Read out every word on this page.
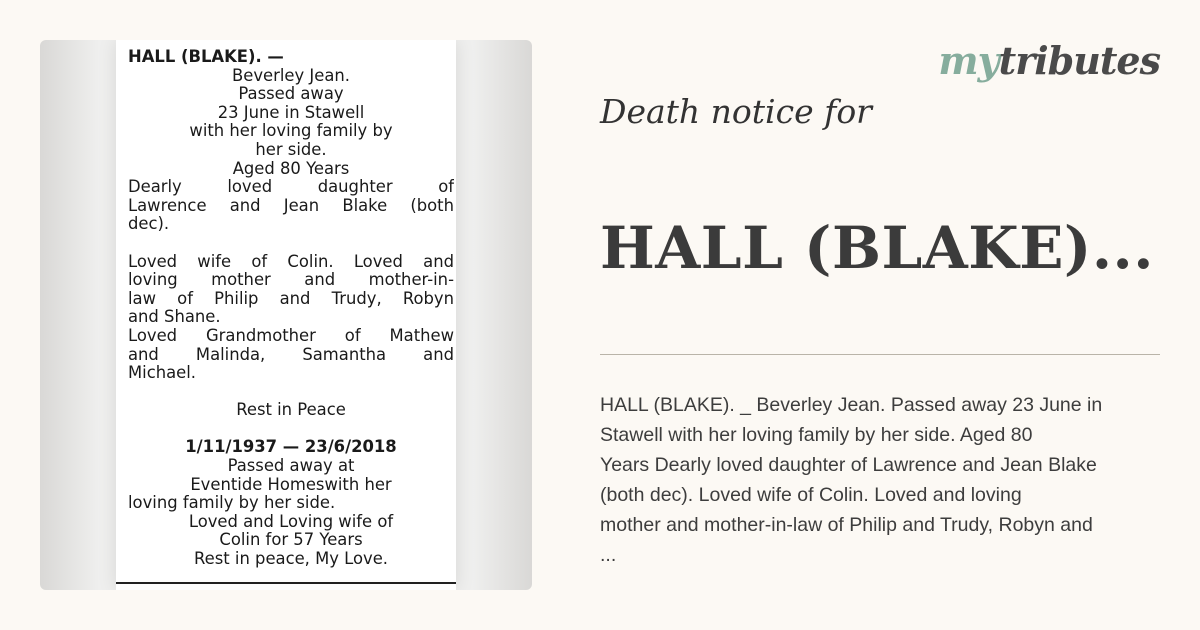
HALL (BLAKE). —
Beverley Jean.
Passed away
23 June in Stawell
with her loving family by
her side.
Aged 80 Years
Dearly loved daughter of
Lawrence and Jean Blake (both
dec).
Loved wife of Colin. Loved and
loving mother and mother-in-
law of Philip and Trudy, Robyn
and Shane.
Loved Grandmother of Mathew
and Malinda, Samantha and
Michael.
Rest in Peace
1/11/1937 — 23/6/2018
Passed away at
Eventide Homeswith her
loving family by her side.
Loved and Loving wife of
Colin for 57 Years
Rest in peace, My Love.
mytributes
Death notice for
HALL (BLAKE)...
HALL (BLAKE). _ Beverley Jean. Passed away 23 June in
Stawell with her loving family by her side. Aged 80
Years Dearly loved daughter of Lawrence and Jean Blake
(both dec). Loved wife of Colin. Loved and loving
mother and mother-in-law of Philip and Trudy, Robyn and
...
